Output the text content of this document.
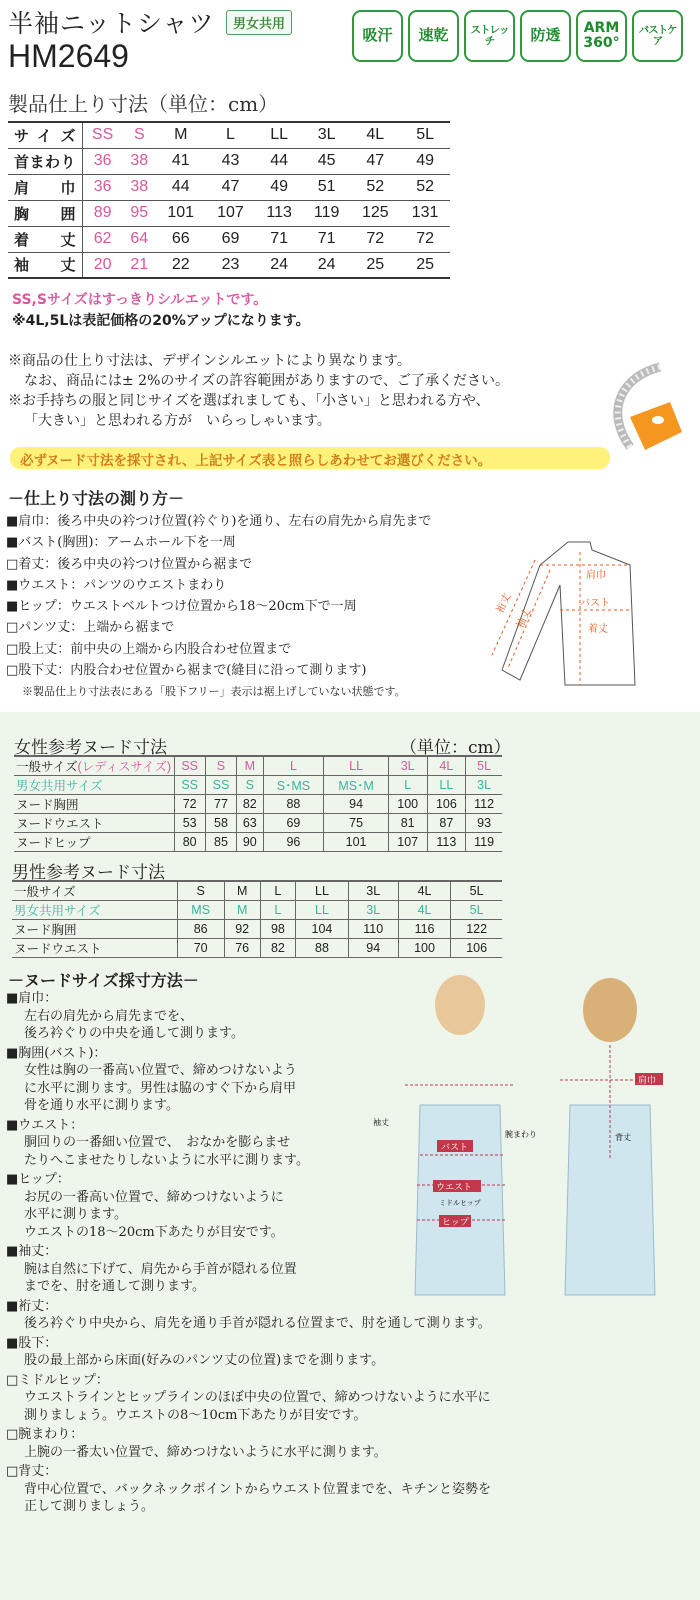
半袖ニットシャツ	男女共用
HM2649
吸汗	速乾	ストレッチ	防透	ARM 360°
バストケア
製品仕上り寸法（単位：cm）
サイズ	SS	S	M	L	LL	3L	4L	5L
首まわり	36	38	41	43	44	45	47	49
肩巾	36	38	44	47	49	51	52	52
胸囲	89	95	101	107	113	119	125	131
着丈	62	64	66	69	71	71	72	72
袖丈	20	21	22	23	24	24	25	25
SS,Sサイズはすっきりシルエットです。
※4L,5Lは表記価格の20%アップになります。
※商品の仕上り寸法は、デザインシルエットにより異なります。
なお、商品には± 2%のサイズの許容範囲がありますので、ご了承ください。
※お手持ちの服と同じサイズを選ばれましても、「小さい」と思われる方や、
「大きい」と思われる方が　いらっしゃいます。
必ずヌード寸法を採寸され、上記サイズ表と照らしあわせてお選びください。
－仕上り寸法の測り方－
■肩巾：後ろ中央の衿つけ位置(衿ぐり)を通り、左右の肩先から肩先まで
■バスト(胸囲)：アームホール下を一周
□着丈：後ろ中央の衿つけ位置から裾まで
■ウエスト：パンツのウエストまわり
■ヒップ：ウエストベルトつけ位置から18〜20cm下で一周
□パンツ丈：上端から裾まで
□股上丈：前中央の上端から内股合わせ位置まで
□股下丈：内股合わせ位置から裾まで(縫目に沿って測ります)
※製品仕上り寸法表にある「股下フリー」表示は裾上げしていない状態です。
肩巾
バスト
着丈
裄丈
袖丈
女性参考ヌード寸法	（単位：cm）
一般サイズ(レディスサイズ)	SS	S	M	L	LL	3L	4L	5L
男女共用サイズ	SS	SS	S	S･MS	MS･M	L	LL	3L
ヌード胸囲	72	77	82	88	94	100	106	112
ヌードウエスト	53	58	63	69	75	81	87	93
ヌードヒップ	80	85	90	96	101	107	113	119
男性参考ヌード寸法
一般サイズ	S	M	L	LL	3L	4L	5L
男女共用サイズ	MS	M	L	LL	3L	4L	5L
ヌード胸囲	86	92	98	104	110	116	122
ヌードウエスト	70	76	82	88	94	100	106
－ヌードサイズ採寸方法－
■肩巾：
左右の肩先から肩先までを、
後ろ衿ぐりの中央を通して測ります。
■胸囲(バスト)：
女性は胸の一番高い位置で、締めつけないよう
に水平に測ります。男性は脇のすぐ下から肩甲
骨を通り水平に測ります。
■ウエスト：
胴回りの一番細い位置で、　おなかを膨らませ
たりへこませたりしないように水平に測ります。
■ヒップ：
お尻の一番高い位置で、締めつけないように
水平に測ります。
ウエストの18〜20cm下あたりが目安です。
■袖丈：
腕は自然に下げて、肩先から手首が隠れる位置
までを、肘を通して測ります。
■裄丈：
後ろ衿ぐり中央から、肩先を通り手首が隠れる位置まで、肘を通して測ります。
■股下：
股の最上部から床面(好みのパンツ丈の位置)までを測ります。
□ミドルヒップ：
ウエストラインとヒップラインのほぼ中央の位置で、締めつけないように水平に
測りましょう。ウエストの8〜10cm下あたりが目安です。
□腕まわり：
上腕の一番太い位置で、締めつけないように水平に測ります。
□背丈：
背中心位置で、バックネックポイントからウエスト位置までを、キチンと姿勢を
正して測りましょう。
袖丈
バスト
腕まわり
ウエスト
ミドルヒップ
ヒップ
肩巾
背丈
